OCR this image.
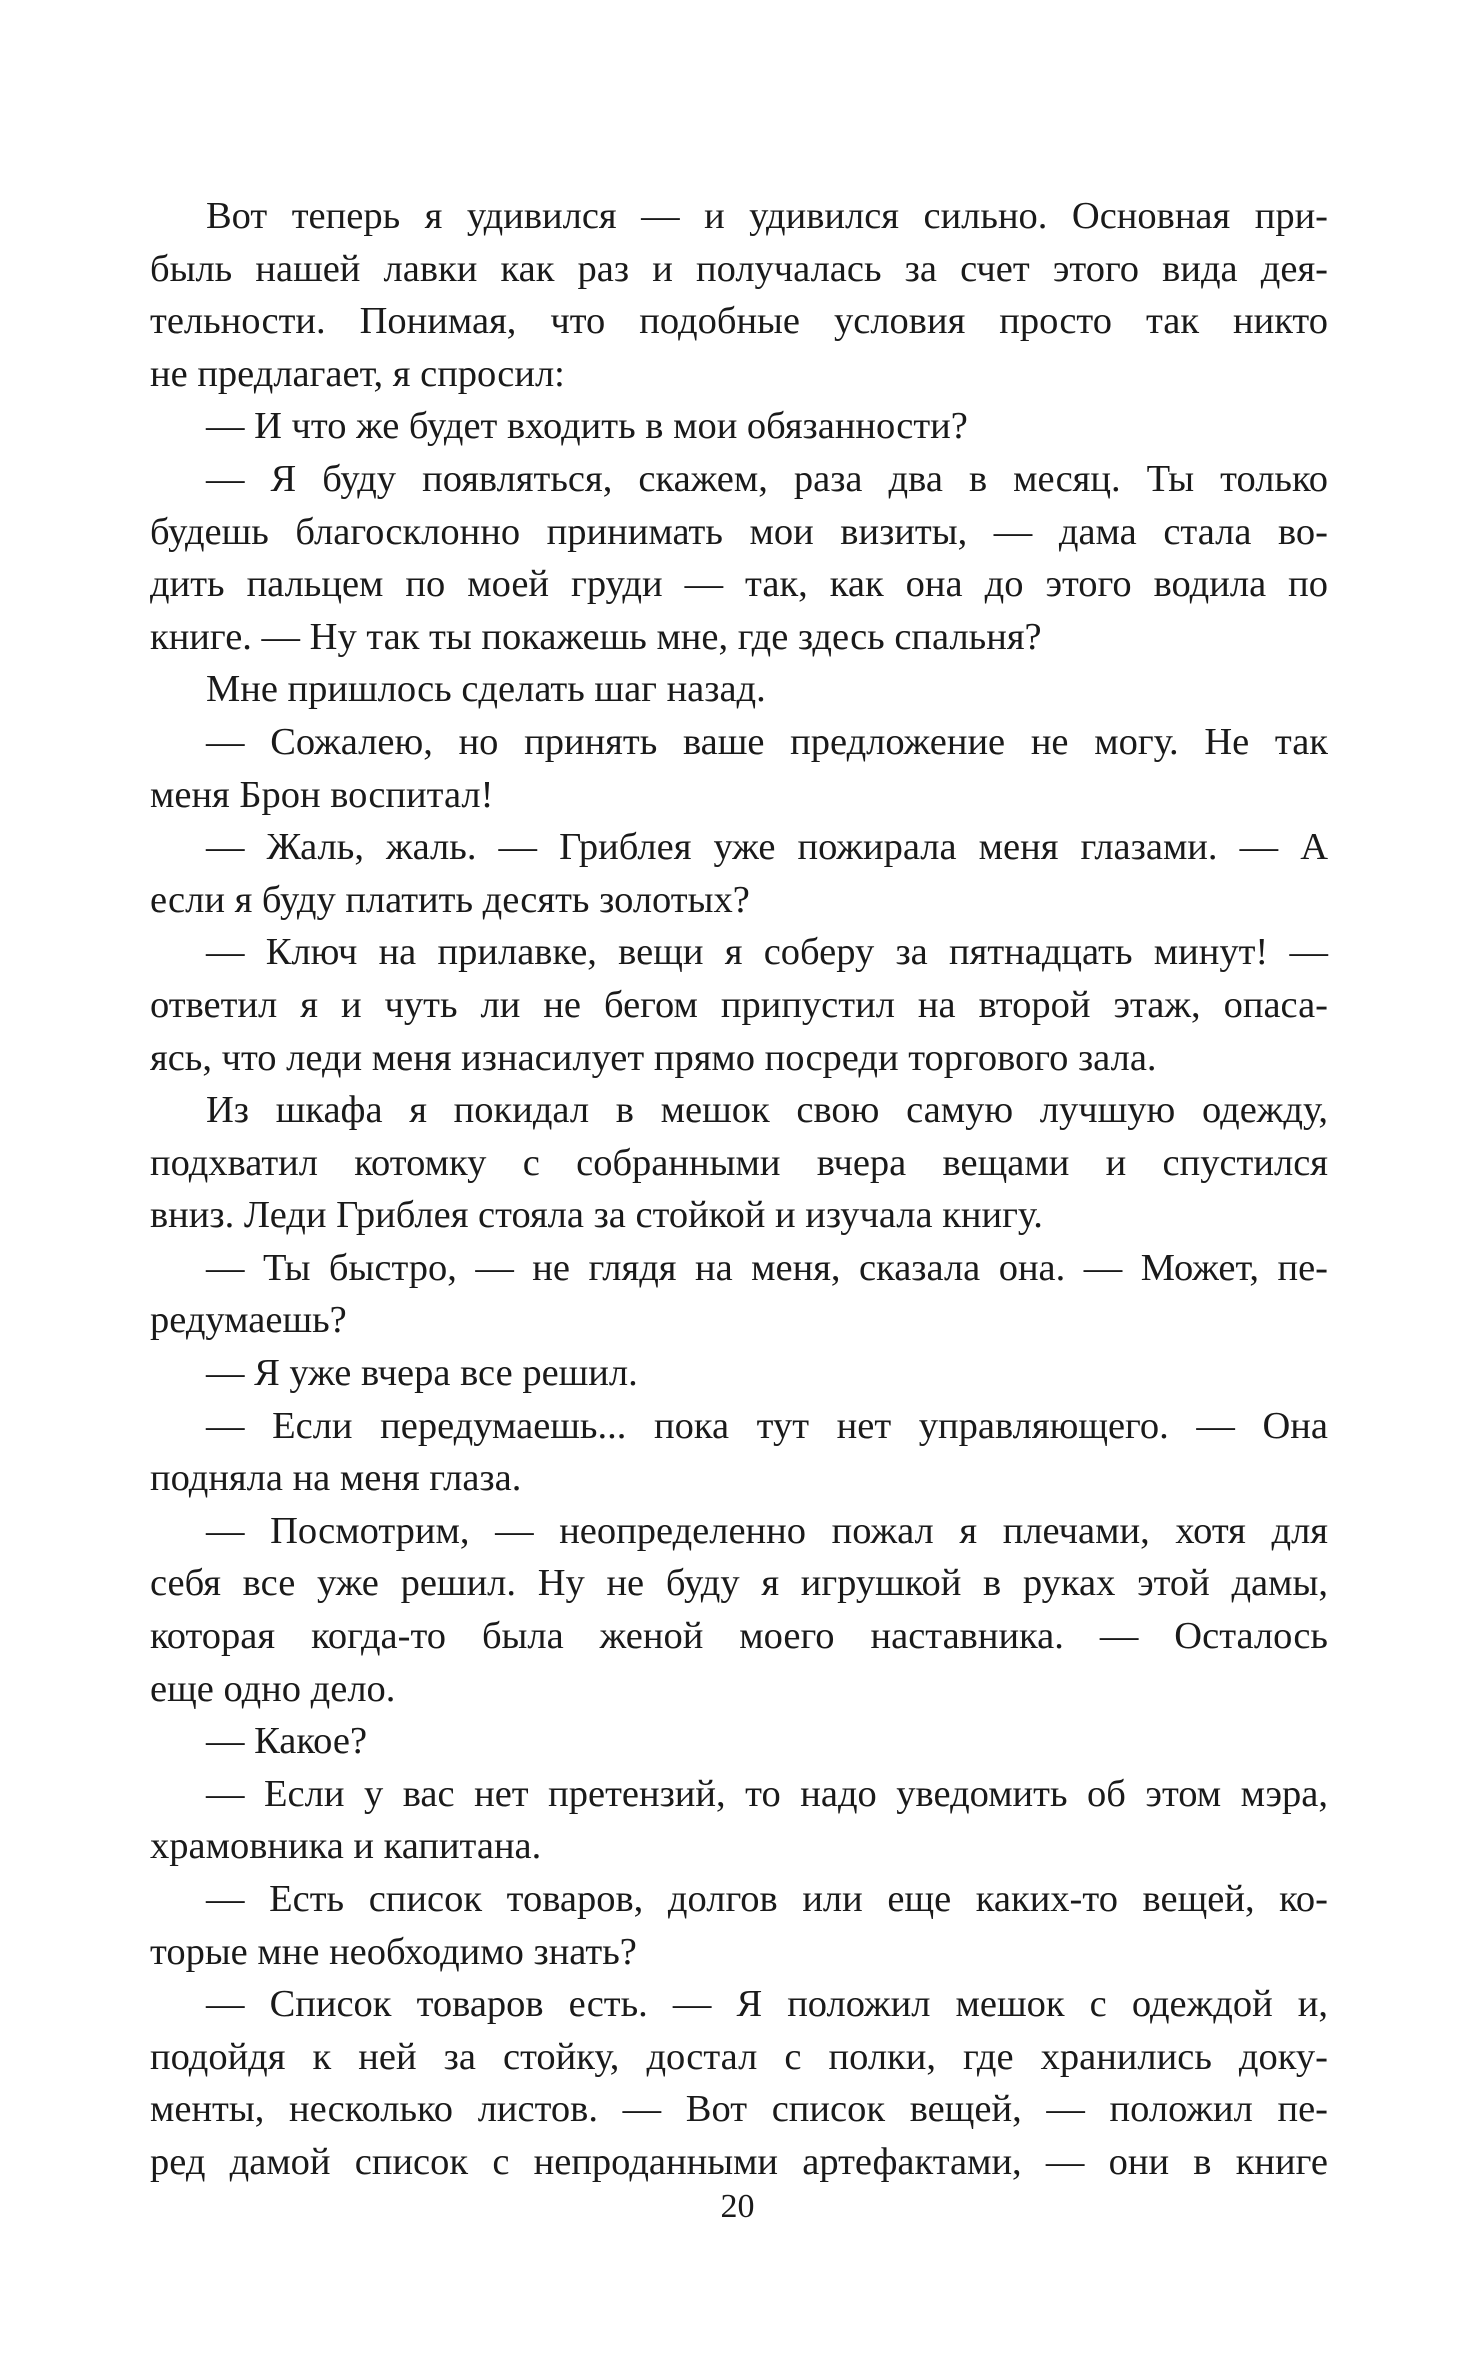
Вот теперь я удивился — и удивился сильно. Основная при-
быль нашей лавки как раз и получалась за счет этого вида дея-
тельности. Понимая, что подобные условия просто так никто
не предлагает, я спросил:
— И что же будет входить в мои обязанности?
— Я буду появляться, скажем, раза два в месяц. Ты только
будешь благосклонно принимать мои визиты, — дама стала во-
дить пальцем по моей груди — так, как она до этого водила по
книге. — Ну так ты покажешь мне, где здесь спальня?
Мне пришлось сделать шаг назад.
— Сожалею, но принять ваше предложение не могу. Не так
меня Брон воспитал!
— Жаль, жаль. — Гриблея уже пожирала меня глазами. — А
если я буду платить десять золотых?
— Ключ на прилавке, вещи я соберу за пятнадцать минут! —
ответил я и чуть ли не бегом припустил на второй этаж, опаса-
ясь, что леди меня изнасилует прямо посреди торгового зала.
Из шкафа я покидал в мешок свою самую лучшую одежду,
подхватил котомку с собранными вчера вещами и спустился
вниз. Леди Гриблея стояла за стойкой и изучала книгу.
— Ты быстро, — не глядя на меня, сказала она. — Может, пе-
редумаешь?
— Я уже вчера все решил.
— Если передумаешь... пока тут нет управляющего. — Она
подняла на меня глаза.
— Посмотрим, — неопределенно пожал я плечами, хотя для
себя все уже решил. Ну не буду я игрушкой в руках этой дамы,
которая когда-то была женой моего наставника. — Осталось
еще одно дело.
— Какое?
— Если у вас нет претензий, то надо уведомить об этом мэра,
храмовника и капитана.
— Есть список товаров, долгов или еще каких-то вещей, ко-
торые мне необходимо знать?
— Список товаров есть. — Я положил мешок с одеждой и,
подойдя к ней за стойку, достал с полки, где хранились доку-
менты, несколько листов. — Вот список вещей, — положил пе-
ред дамой список с непроданными артефактами, — они в книге
20
